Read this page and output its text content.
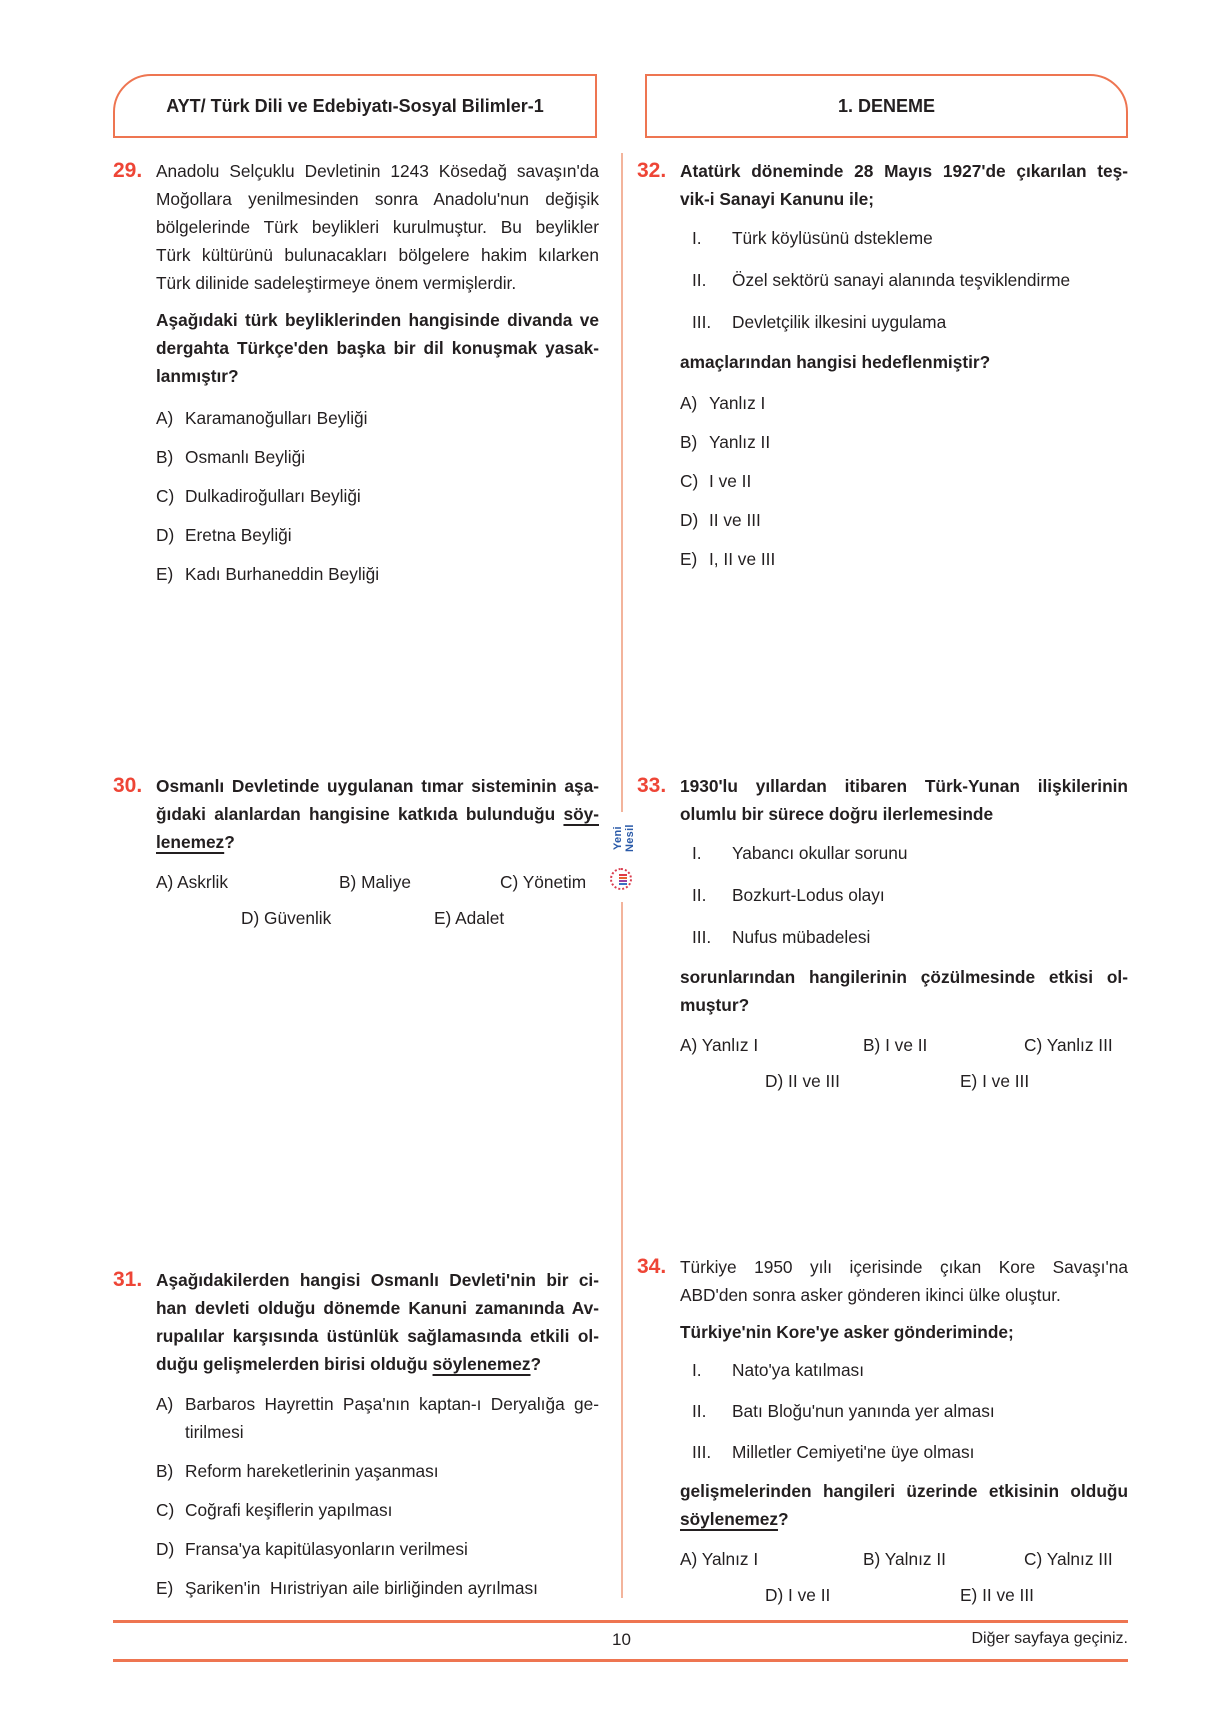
AYT/ Türk Dili ve Edebiyatı-Sosyal Bilimler-1	1. DENEME
Yeni Nesil
29. Anadolu Selçuklu Devletinin 1243 Kösedağ savaşın'da

Moğollara yenilmesinden sonra Anadolu'nun değişik

bölgelerinde Türk beylikleri kurulmuştur. Bu beylikler

Türk kültürünü bulunacakları bölgelere hakim kılarken

Türk dilinide sadeleştirmeye önem vermişlerdir.

Aşağıdaki türk beyliklerinden hangisinde divanda ve

dergahta Türkçe'den başka bir dil konuşmak yasak-

lanmıştır?

A) Karamanoğulları Beyliği
B) Osmanlı Beyliği
C) Dulkadiroğulları Beyliği
D) Eretna Beyliği
E) Kadı Burhaneddin Beyliği
30. Osmanlı Devletinde uygulanan tımar sisteminin aşa-

ğıdaki alanlardan hangisine katkıda bulunduğu söy-

lenemez?

A) Askrlik	B) Maliye	C) Yönetim
D) Güvenlik	E) Adalet
31. Aşağıdakilerden hangisi Osmanlı Devleti'nin bir ci-

han devleti olduğu dönemde Kanuni zamanında Av-

rupalılar karşısında üstünlük sağlamasında etkili ol-

duğu gelişmelerden birisi olduğu söylenemez?

A) Barbaros Hayrettin Paşa'nın kaptan-ı Deryalığa ge-
tirilmesi
B) Reform hareketlerinin yaşanması
C) Coğrafi keşiflerin yapılması
D) Fransa'ya kapitülasyonların verilmesi
E) Şariken'in  Hıristriyan aile birliğinden ayrılması
32. Atatürk döneminde 28 Mayıs 1927'de çıkarılan teş-

vik-i Sanayi Kanunu ile;

I.	Türk köylüsünü dstekleme
II.	Özel sektörü sanayi alanında teşviklendirme
III.	Devletçilik ilkesini uygulama

amaçlarından hangisi hedeflenmiştir?

A) Yanlız I
B) Yanlız II
C) I ve II
D) II ve III
E) I, II ve III
33. 1930'lu yıllardan itibaren Türk-Yunan ilişkilerinin

olumlu bir sürece doğru ilerlemesinde

I.	Yabancı okullar sorunu
II.	Bozkurt-Lodus olayı
III.	Nufus mübadelesi

sorunlarından hangilerinin çözülmesinde etkisi ol-

muştur?

A) Yanlız I	B) I ve II	C) Yanlız III
D) II ve III	E) I ve III
34. Türkiye 1950 yılı içerisinde çıkan Kore Savaşı'na

ABD'den sonra asker gönderen ikinci ülke oluştur.

Türkiye'nin Kore'ye asker gönderiminde;

I.	Nato'ya katılması
II.	Batı Bloğu'nun yanında yer alması
III.	Milletler Cemiyeti'ne üye olması

gelişmelerinden hangileri üzerinde etkisinin olduğu

söylenemez?

A) Yalnız I	B) Yalnız II	C) Yalnız III
D) I ve II	E) II ve III
10	Diğer sayfaya geçiniz.
